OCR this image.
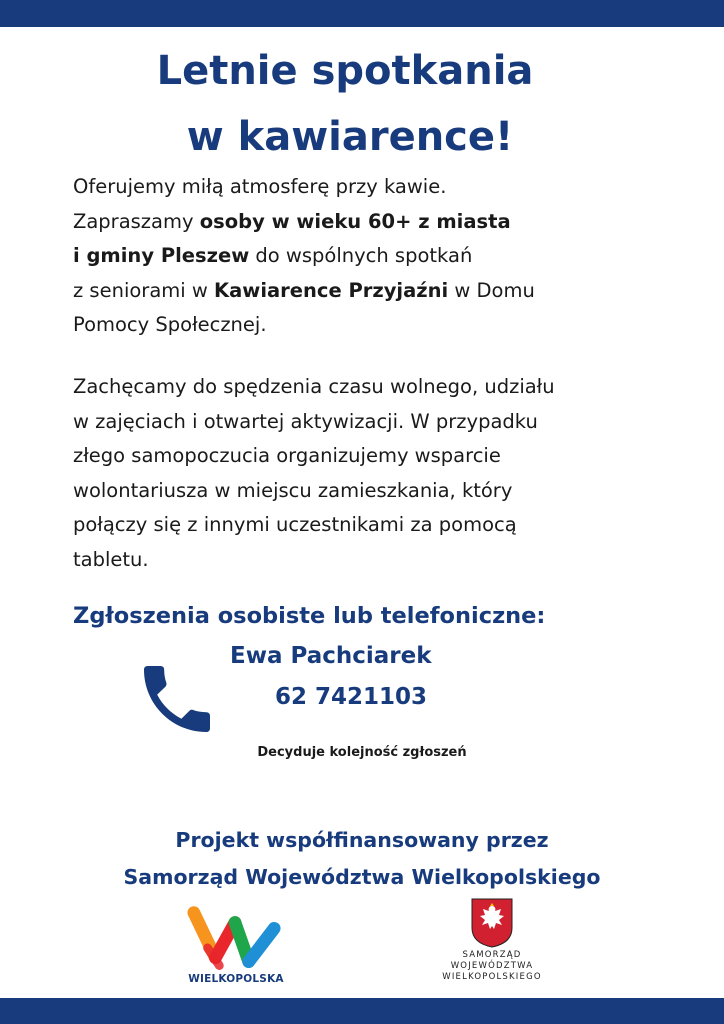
Letnie spotkania
w kawiarence!

Oferujemy miłą atmosferę przy kawie.
Zapraszamy osoby w wieku 60+ z miasta
i gminy Pleszew do wspólnych spotkań
z seniorami w Kawiarence Przyjaźni w Domu
Pomocy Społecznej.

Zachęcamy do spędzenia czasu wolnego, udziału
w zajęciach i otwartej aktywizacji. W przypadku
złego samopoczucia organizujemy wsparcie
wolontariusza w miejscu zamieszkania, który
połączy się z innymi uczestnikami za pomocą
tabletu.

Zgłoszenia osobiste lub telefoniczne:
Ewa Pachciarek
62 7421103

Decyduje kolejność zgłoszeń

Projekt współfinansowany przez
Samorząd Województwa Wielkopolskiego
WIELKOPOLSKA
SAMORZĄD
WOJEWÓDZTWA
WIELKOPOLSKIEGO
